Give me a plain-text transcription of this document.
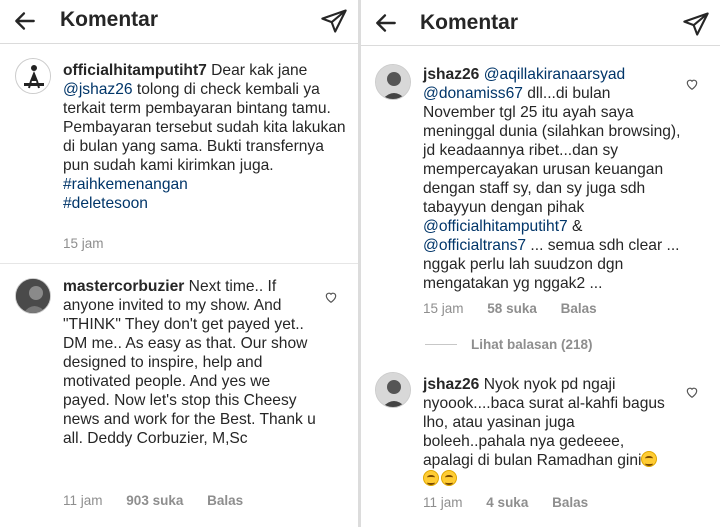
Komentar
officialhitamputiht7 Dear kak jane @jshaz26 tolong di check kembali ya terkait term pembayaran bintang tamu. Pembayaran tersebut sudah kita lakukan di bulan yang sama. Bukti transfernya pun sudah kami kirimkan juga.
#raihkemenangan
#deletesoon
15 jam
mastercorbuzier Next time.. If anyone invited to my show. And "THINK" They don't get payed yet.. DM me.. As easy as that. Our show designed to inspire, help and motivated people. And yes we payed. Now let's stop this Cheesy news and work for the Best. Thank u all. Deddy Corbuzier, M,Sc
11 jam 903 suka Balas
Komentar
jshaz26 @aqillakiranaarsyad @donamiss67 dll...di bulan November tgl 25 itu ayah saya meninggal dunia (silahkan browsing), jd keadaannya ribet...dan sy mempercayakan urusan keuangan dengan staff sy, dan sy juga sdh tabayyun dengan pihak @officialhitamputiht7 & @officialtrans7 ... semua sdh clear ... nggak perlu lah suudzon dgn mengatakan yg nggak2 ...
15 jam 58 suka Balas
Lihat balasan (218)
jshaz26 Nyok nyok pd ngaji nyoook....baca surat al-kahfi bagus lho, atau yasinan juga boleeh..pahala nya gedeeee, apalagi di bulan Ramadhan gini

11 jam 4 suka Balas
